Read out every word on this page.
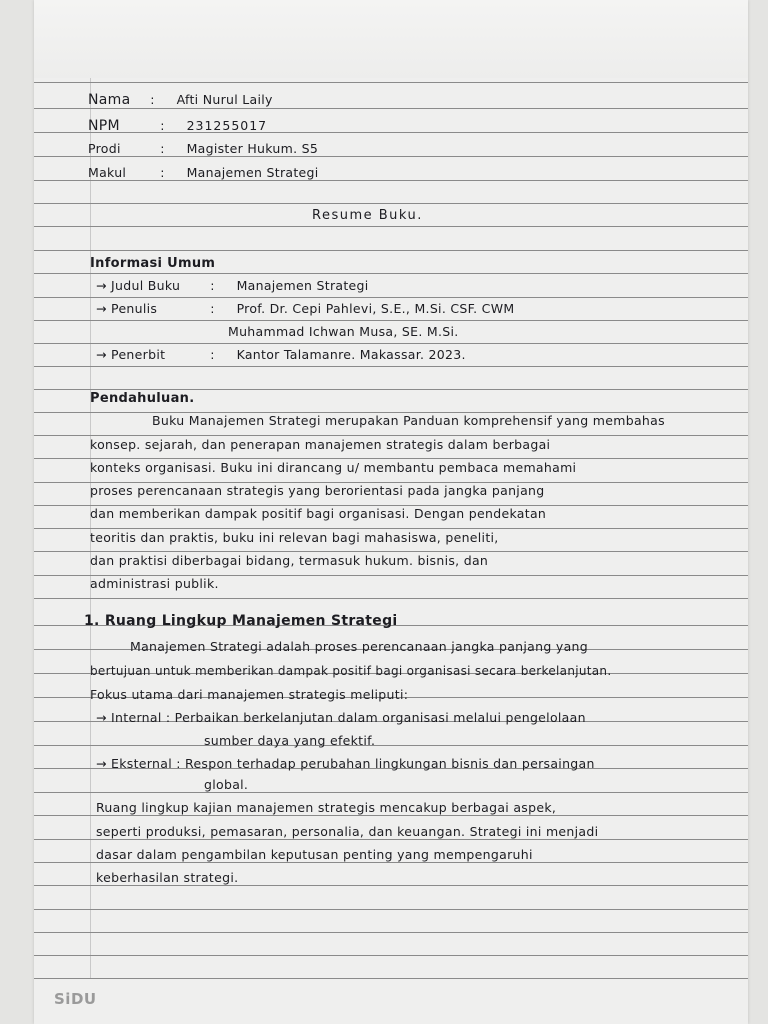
Nama : Afti Nurul Laily
NPM	: 231255017
Prodi	: Magister Hukum. S5
Makul	: Manajemen Strategi
Resume Buku.
Informasi Umum
→ Judul Buku : Manajemen Strategi
→ Penulis	: Prof. Dr. Cepi Pahlevi, S.E., M.Si. CSF. CWM
Muhammad Ichwan Musa, SE. M.Si.
→ Penerbit	: Kantor Talamanre. Makassar. 2023.
Pendahuluan.
Buku Manajemen Strategi merupakan Panduan komprehensif yang membahas
konsep. sejarah, dan penerapan manajemen strategis dalam berbagai
konteks organisasi. Buku ini dirancang u/ membantu pembaca memahami
proses perencanaan strategis yang berorientasi pada jangka panjang
dan memberikan dampak positif bagi organisasi. Dengan pendekatan
teoritis dan praktis, buku ini relevan bagi mahasiswa, peneliti,
dan praktisi diberbagai bidang, termasuk hukum. bisnis, dan
administrasi publik.
1. Ruang Lingkup Manajemen Strategi
Manajemen Strategi adalah proses perencanaan jangka panjang yang
bertujuan untuk memberikan dampak positif bagi organisasi secara berkelanjutan.
Fokus utama dari manajemen strategis meliputi:
→ Internal : Perbaikan berkelanjutan dalam organisasi melalui pengelolaan
sumber daya yang efektif.
→ Eksternal : Respon terhadap perubahan lingkungan bisnis dan persaingan
global.
Ruang lingkup kajian manajemen strategis mencakup berbagai aspek,
seperti produksi, pemasaran, personalia, dan keuangan. Strategi ini menjadi
dasar dalam pengambilan keputusan penting yang mempengaruhi
keberhasilan strategi.
SiDU
